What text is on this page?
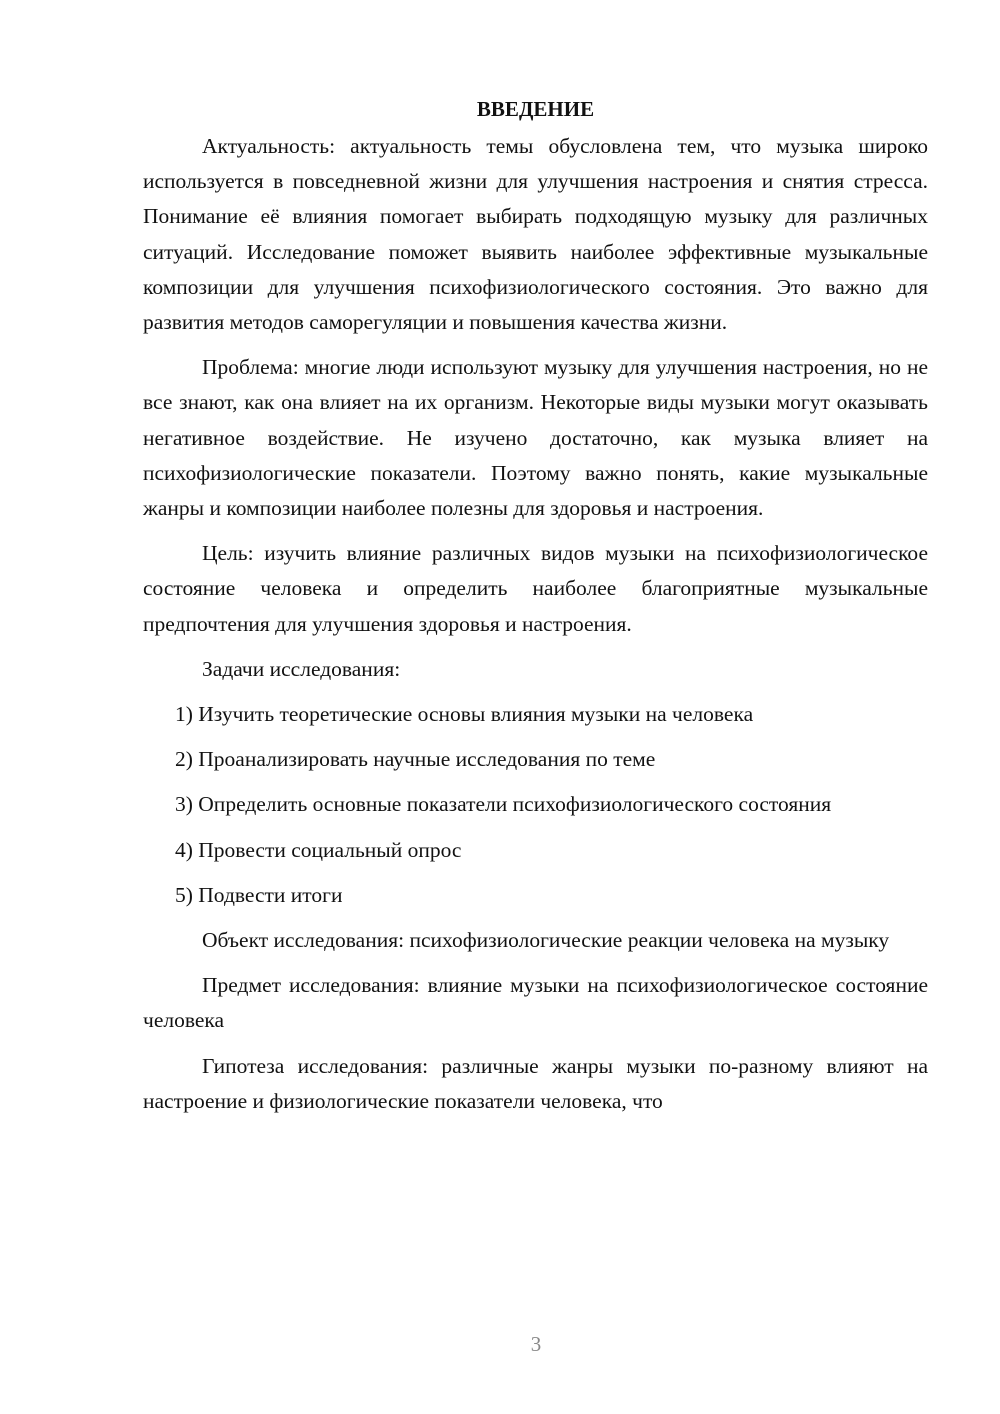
ВВЕДЕНИЕ

Актуальность: актуальность темы обусловлена тем, что музыка широко используется в повседневной жизни для улучшения настроения и снятия стресса. Понимание её влияния помогает выбирать подходящую музыку для различных ситуаций. Исследование поможет выявить наиболее эффективные музыкальные композиции для улучшения психофизиологического состояния. Это важно для развития методов саморегуляции и повышения качества жизни.

Проблема: многие люди используют музыку для улучшения настроения, но не все знают, как она влияет на их организм. Некоторые виды музыки могут оказывать негативное воздействие. Не изучено достаточно, как музыка влияет на психофизиологические показатели. Поэтому важно понять, какие музыкальные жанры и композиции наиболее полезны для здоровья и настроения.

Цель: изучить влияние различных видов музыки на психофизиологическое состояние человека и определить наиболее благоприятные музыкальные предпочтения для улучшения здоровья и настроения.

Задачи исследования:

1) Изучить теоретические основы влияния музыки на человека

2) Проанализировать научные исследования по теме

3) Определить основные показатели психофизиологического состояния

4) Провести социальный опрос

5) Подвести итоги

Объект исследования: психофизиологические реакции человека на музыку

Предмет исследования: влияние музыки на психофизиологическое состояние человека

Гипотеза исследования: различные жанры музыки по-разному влияют на настроение и физиологические показатели человека, что

3
